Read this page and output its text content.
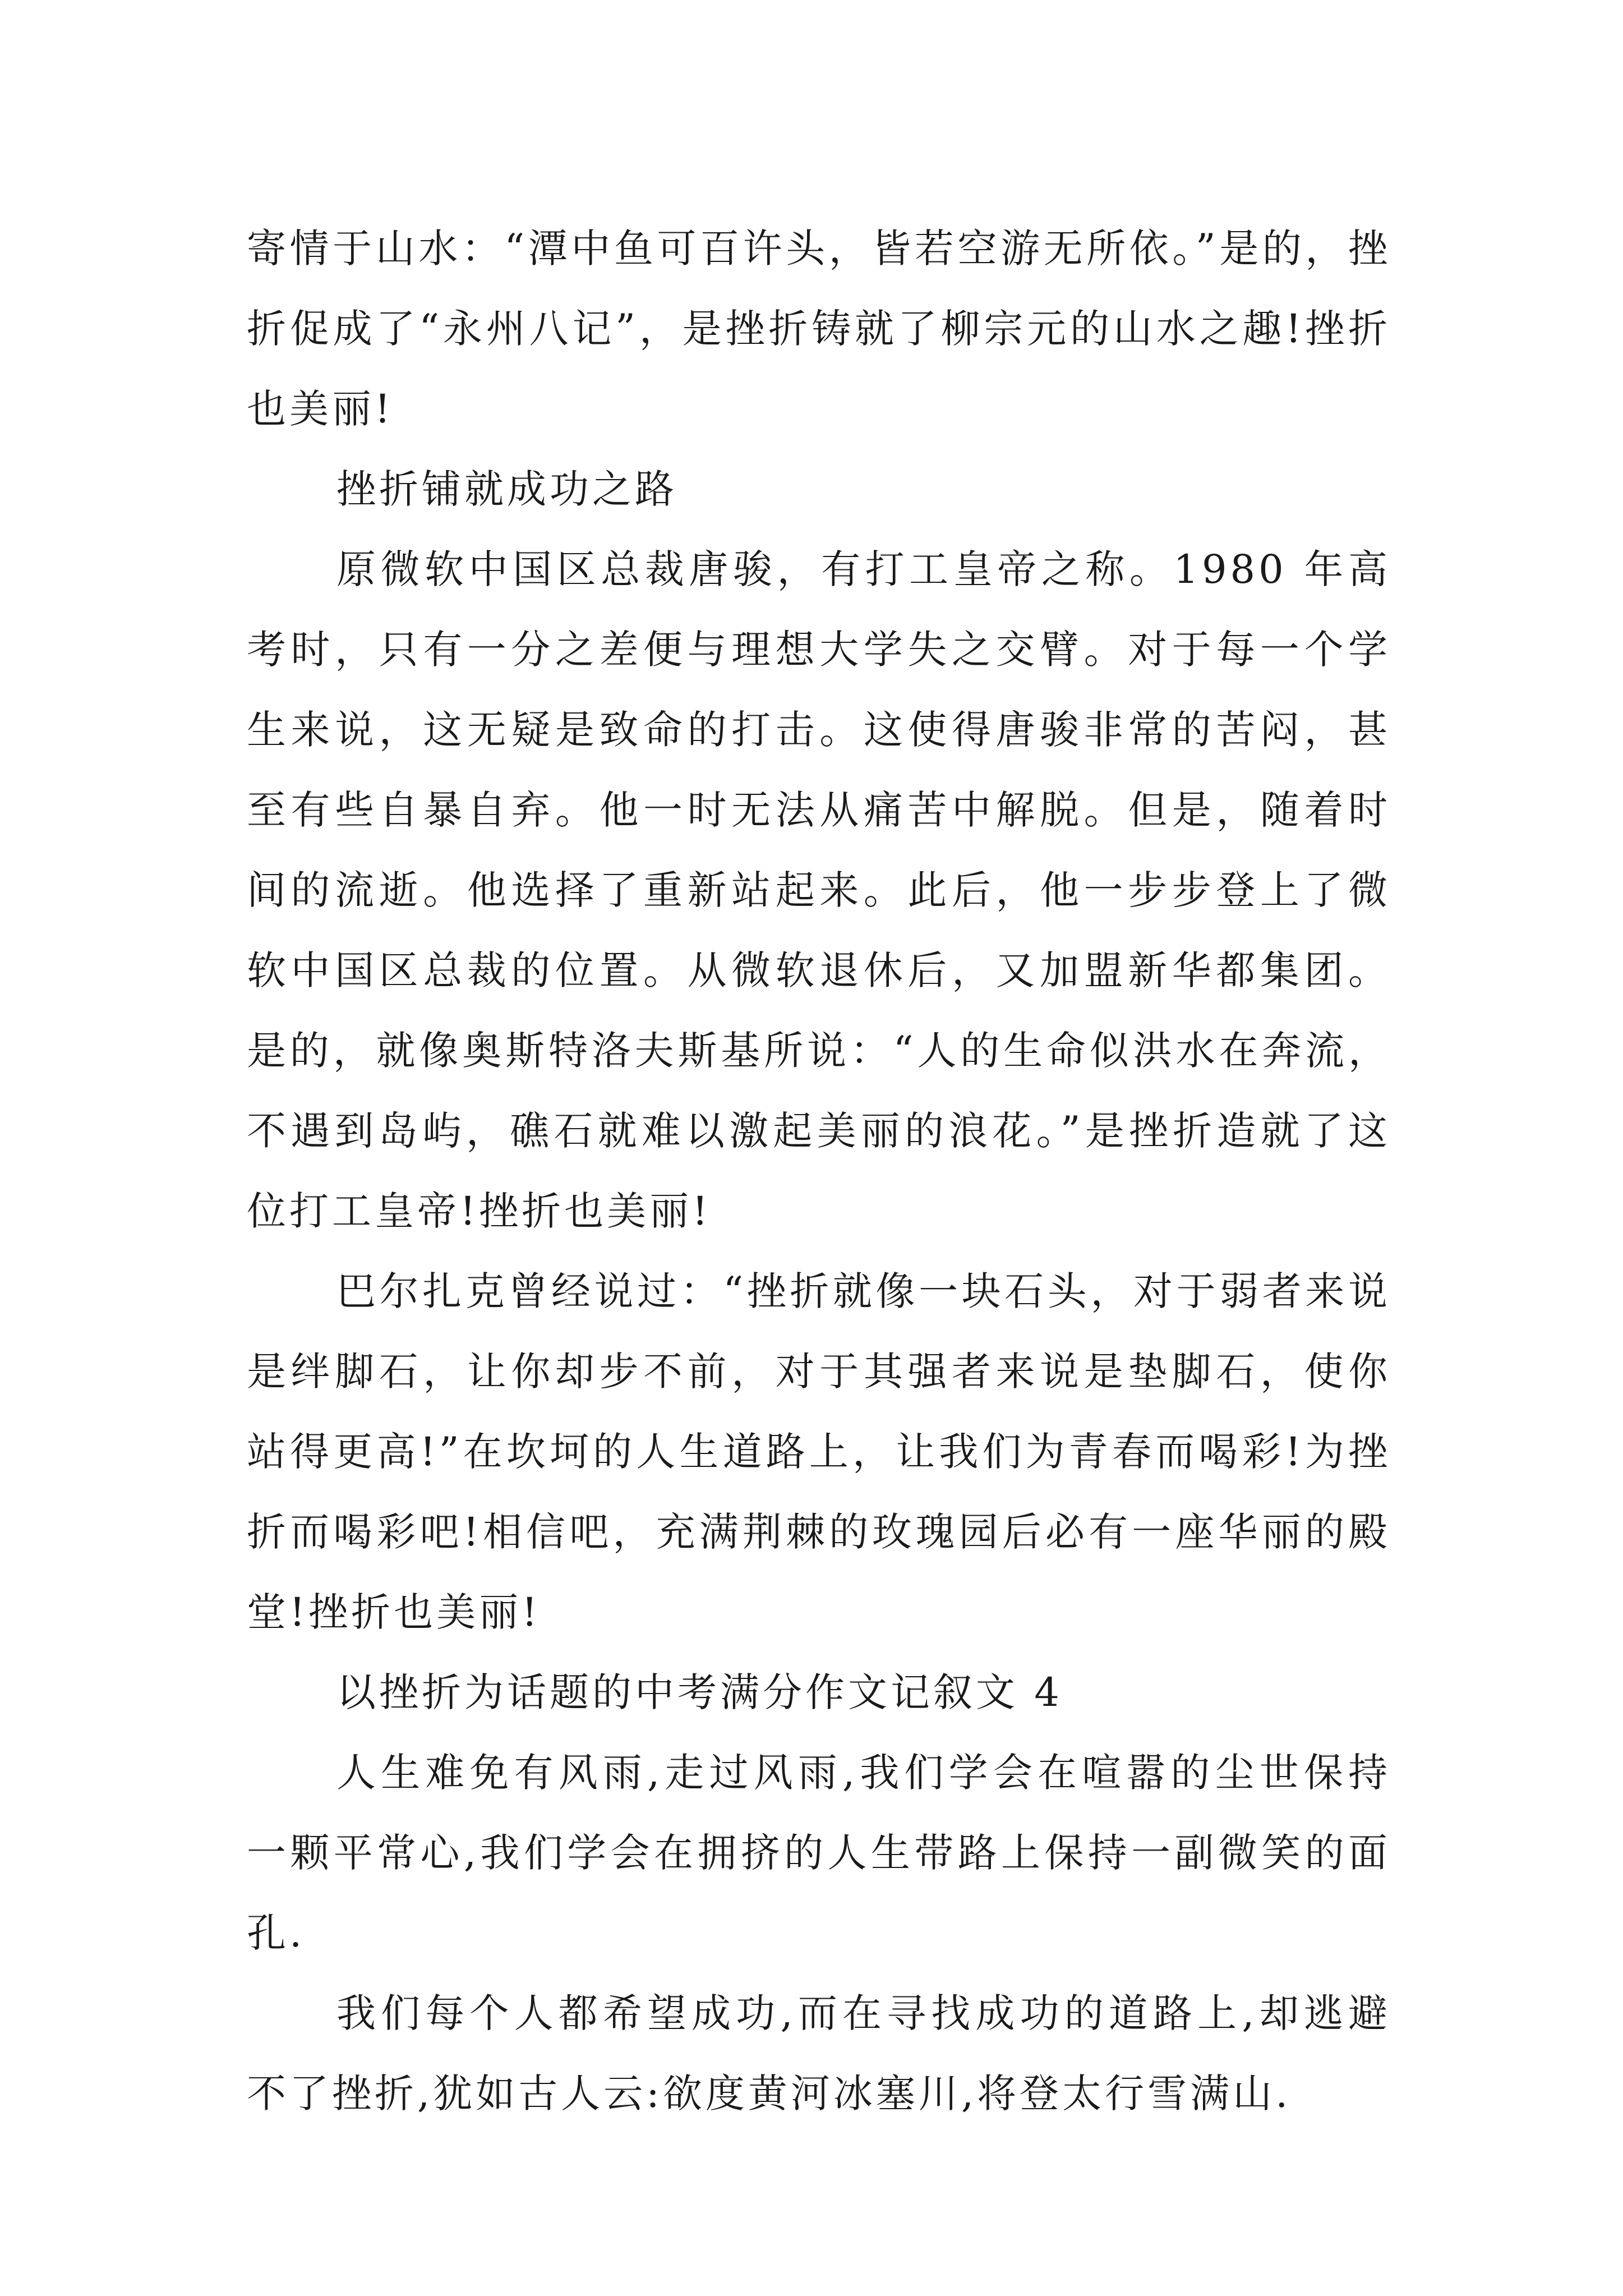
寄情于山水：“潭中鱼可百许头，皆若空游无所依。”是的，挫折促成了“永州八记”，是挫折铸就了柳宗元的山水之趣!挫折也美丽!

挫折铺就成功之路

原微软中国区总裁唐骏，有打工皇帝之称。1980 年高考时，只有一分之差便与理想大学失之交臂。对于每一个学生来说，这无疑是致命的打击。这使得唐骏非常的苦闷，甚至有些自暴自弃。他一时无法从痛苦中解脱。但是，随着时间的流逝。他选择了重新站起来。此后，他一步步登上了微软中国区总裁的位置。从微软退休后，又加盟新华都集团。是的，就像奥斯特洛夫斯基所说：“人的生命似洪水在奔流，不遇到岛屿，礁石就难以激起美丽的浪花。”是挫折造就了这位打工皇帝!挫折也美丽!

巴尔扎克曾经说过：“挫折就像一块石头，对于弱者来说是绊脚石，让你却步不前，对于其强者来说是垫脚石，使你站得更高!”在坎坷的人生道路上，让我们为青春而喝彩!为挫折而喝彩吧!相信吧，充满荆棘的玫瑰园后必有一座华丽的殿堂!挫折也美丽!

以挫折为话题的中考满分作文记叙文 4

人生难免有风雨,走过风雨,我们学会在喧嚣的尘世保持一颗平常心,我们学会在拥挤的人生带路上保持一副微笑的面孔.

我们每个人都希望成功,而在寻找成功的道路上,却逃避不了挫折,犹如古人云:欲度黄河冰塞川,将登太行雪满山.
